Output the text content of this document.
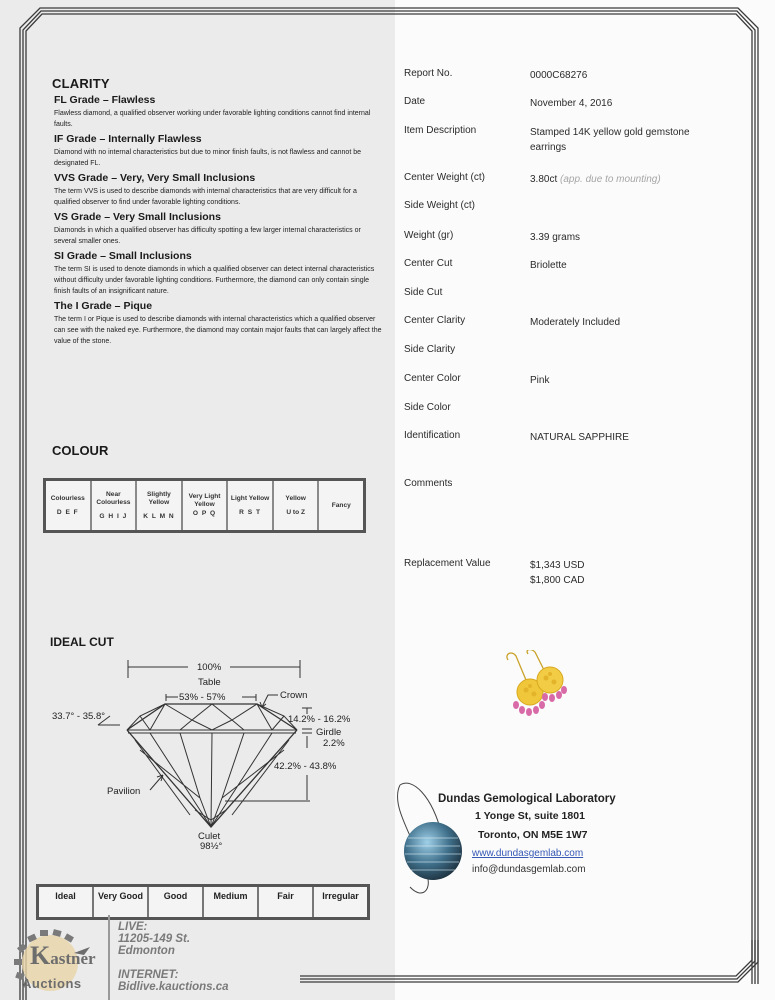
CLARITY
FL Grade – Flawless
Flawless diamond, a qualified observer working under favorable lighting conditions cannot find internal faults.
IF Grade – Internally Flawless
Diamond with no internal characteristics but due to minor finish faults, is not flawless and cannot be designated FL.
VVS Grade – Very, Very Small Inclusions
The term VVS is used to describe diamonds with internal characteristics that are very difficult for a qualified observer to find under favorable lighting conditions.
VS Grade – Very Small Inclusions
Diamonds in which a qualified observer has difficulty spotting a few larger internal characteristics or several smaller ones.
SI Grade – Small Inclusions
The term SI is used to denote diamonds in which a qualified observer can detect internal characteristics without difficulty under favorable lighting conditions. Furthermore, the diamond can only contain single finish faults of an insignificant nature.
The I Grade – Pique
The term I or Pique is used to describe diamonds with internal characteristics which a qualified observer can see with the naked eye. Furthermore, the diamond may contain major faults that can largely affect the value of the stone.
COLOUR
Colourless
D E F
Near Colourless
G H I J
Slightly Yellow
K L M N
Very Light Yellow
O P Q
Light Yellow
R S T
Yellow
U to Z
Fancy
IDEAL CUT
100%
Table
53% - 57%	Crown
33.7° - 35.8°	14.2% - 16.2%
Girdle
2.2%
42.2% - 43.8%
Pavilion
Culet
98½°
Ideal	Very Good	Good	Medium	Fair	Irregular
Kastner
Auctions
LIVE:
11205-149 St.
Edmonton
INTERNET:
Bidlive.kauctions.ca
Report No.	0000C68276
Date	November 4, 2016
Item Description	Stamped 14K yellow gold gemstone earrings
Center Weight (ct)	3.80ct (app. due to mounting)
Side Weight (ct)
Weight (gr)	3.39 grams
Center Cut	Briolette
Side Cut
Center Clarity	Moderately Included
Side Clarity
Center Color	Pink
Side Color
Identification	NATURAL SAPPHIRE
Comments
Replacement Value	$1,343 USD
$1,800 CAD
Dundas Gemological Laboratory
1 Yonge St, suite 1801
Toronto, ON M5E 1W7
www.dundasgemlab.com
info@dundasgemlab.com
